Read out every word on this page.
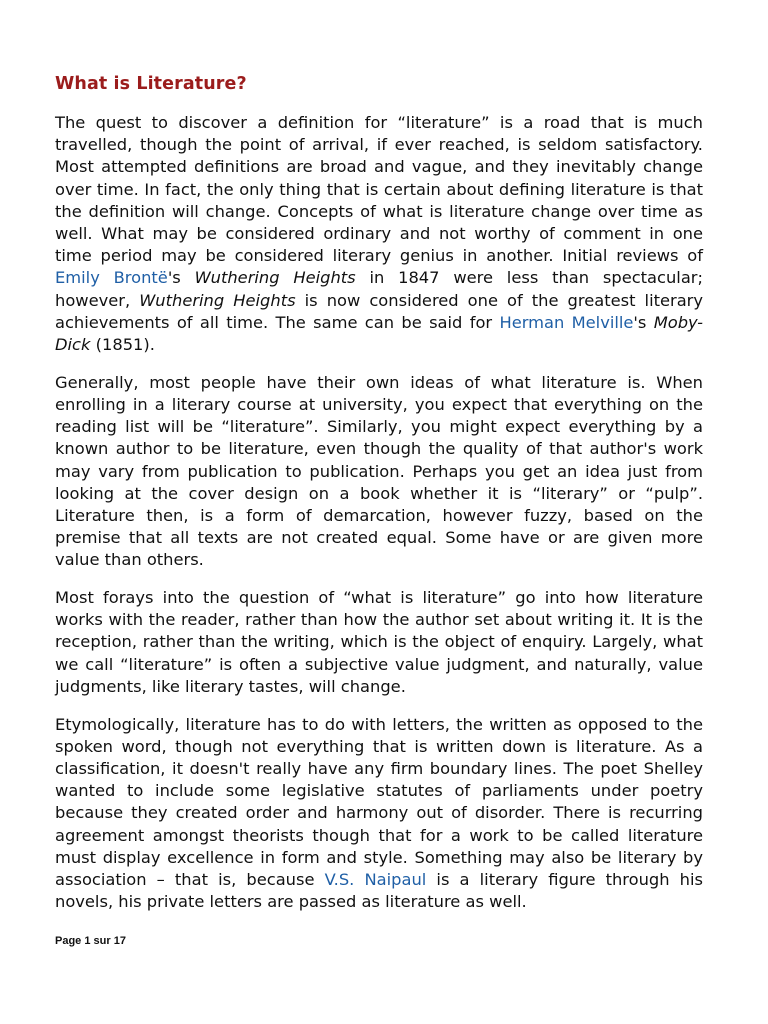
What is Literature?

The quest to discover a definition for “literature” is a road that is much travelled, though the point of arrival, if ever reached, is seldom satisfactory. Most attempted definitions are broad and vague, and they inevitably change over time. In fact, the only thing that is certain about defining literature is that the definition will change. Concepts of what is literature change over time as well. What may be considered ordinary and not worthy of comment in one time period may be considered literary genius in another. Initial reviews of Emily Brontë's Wuthering Heights in 1847 were less than spectacular; however, Wuthering Heights is now considered one of the greatest literary achievements of all time. The same can be said for Herman Melville's Moby-Dick (1851).

Generally, most people have their own ideas of what literature is. When enrolling in a literary course at university, you expect that everything on the reading list will be “literature”. Similarly, you might expect everything by a known author to be literature, even though the quality of that author's work may vary from publication to publication. Perhaps you get an idea just from looking at the cover design on a book whether it is “literary” or “pulp”. Literature then, is a form of demarcation, however fuzzy, based on the premise that all texts are not created equal. Some have or are given more value than others.

Most forays into the question of “what is literature” go into how literature works with the reader, rather than how the author set about writing it. It is the reception, rather than the writing, which is the object of enquiry. Largely, what we call “literature” is often a subjective value judgment, and naturally, value judgments, like literary tastes, will change.

Etymologically, literature has to do with letters, the written as opposed to the spoken word, though not everything that is written down is literature. As a classification, it doesn't really have any firm boundary lines. The poet Shelley wanted to include some legislative statutes of parliaments under poetry because they created order and harmony out of disorder. There is recurring agreement amongst theorists though that for a work to be called literature must display excellence in form and style. Something may also be literary by association – that is, because V.S. Naipaul is a literary figure through his novels, his private letters are passed as literature as well.

Page 1 sur 17
